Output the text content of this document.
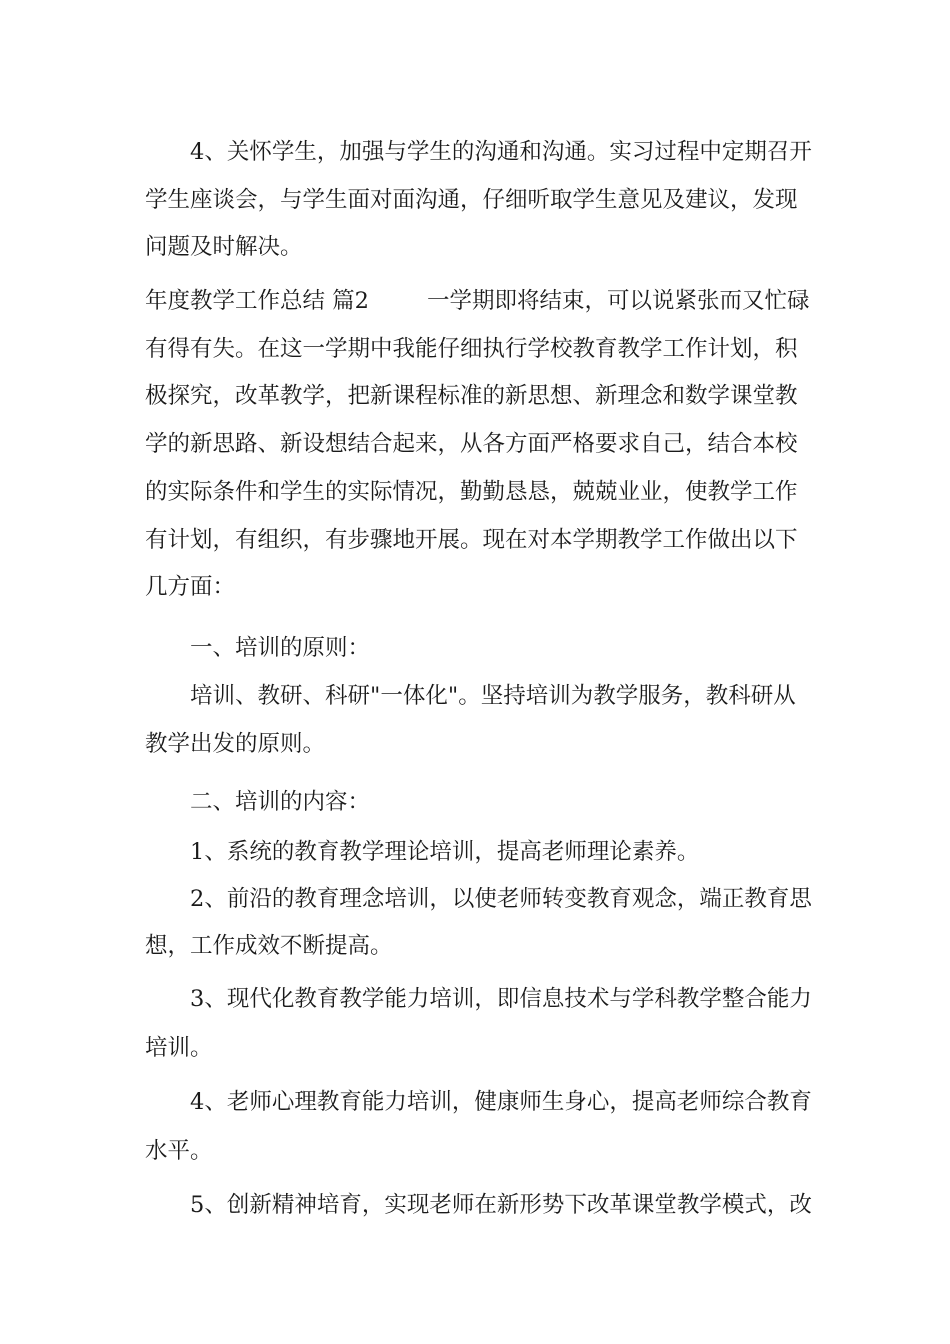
4、关怀学生，加强与学生的沟通和沟通。实习过程中定期召开

学生座谈会，与学生面对面沟通，仔细听取学生意见及建议，发现

问题及时解决。

年度教学工作总结 篇2	一学期即将结束，可以说紧张而又忙碌

有得有失。在这一学期中我能仔细执行学校教育教学工作计划，积

极探究，改革教学，把新课程标准的新思想、新理念和数学课堂教

学的新思路、新设想结合起来，从各方面严格要求自己，结合本校

的实际条件和学生的实际情况，勤勤恳恳，兢兢业业，使教学工作

有计划，有组织，有步骤地开展。现在对本学期教学工作做出以下

几方面：

一、培训的原则：

培训、教研、科研"一体化"。坚持培训为教学服务，教科研从

教学出发的原则。

二、培训的内容：

1、系统的教育教学理论培训，提高老师理论素养。

2、前沿的教育理念培训，以使老师转变教育观念，端正教育思

想，工作成效不断提高。

3、现代化教育教学能力培训，即信息技术与学科教学整合能力

培训。

4、老师心理教育能力培训，健康师生身心，提高老师综合教育

水平。

5、创新精神培育，实现老师在新形势下改革课堂教学模式，改
